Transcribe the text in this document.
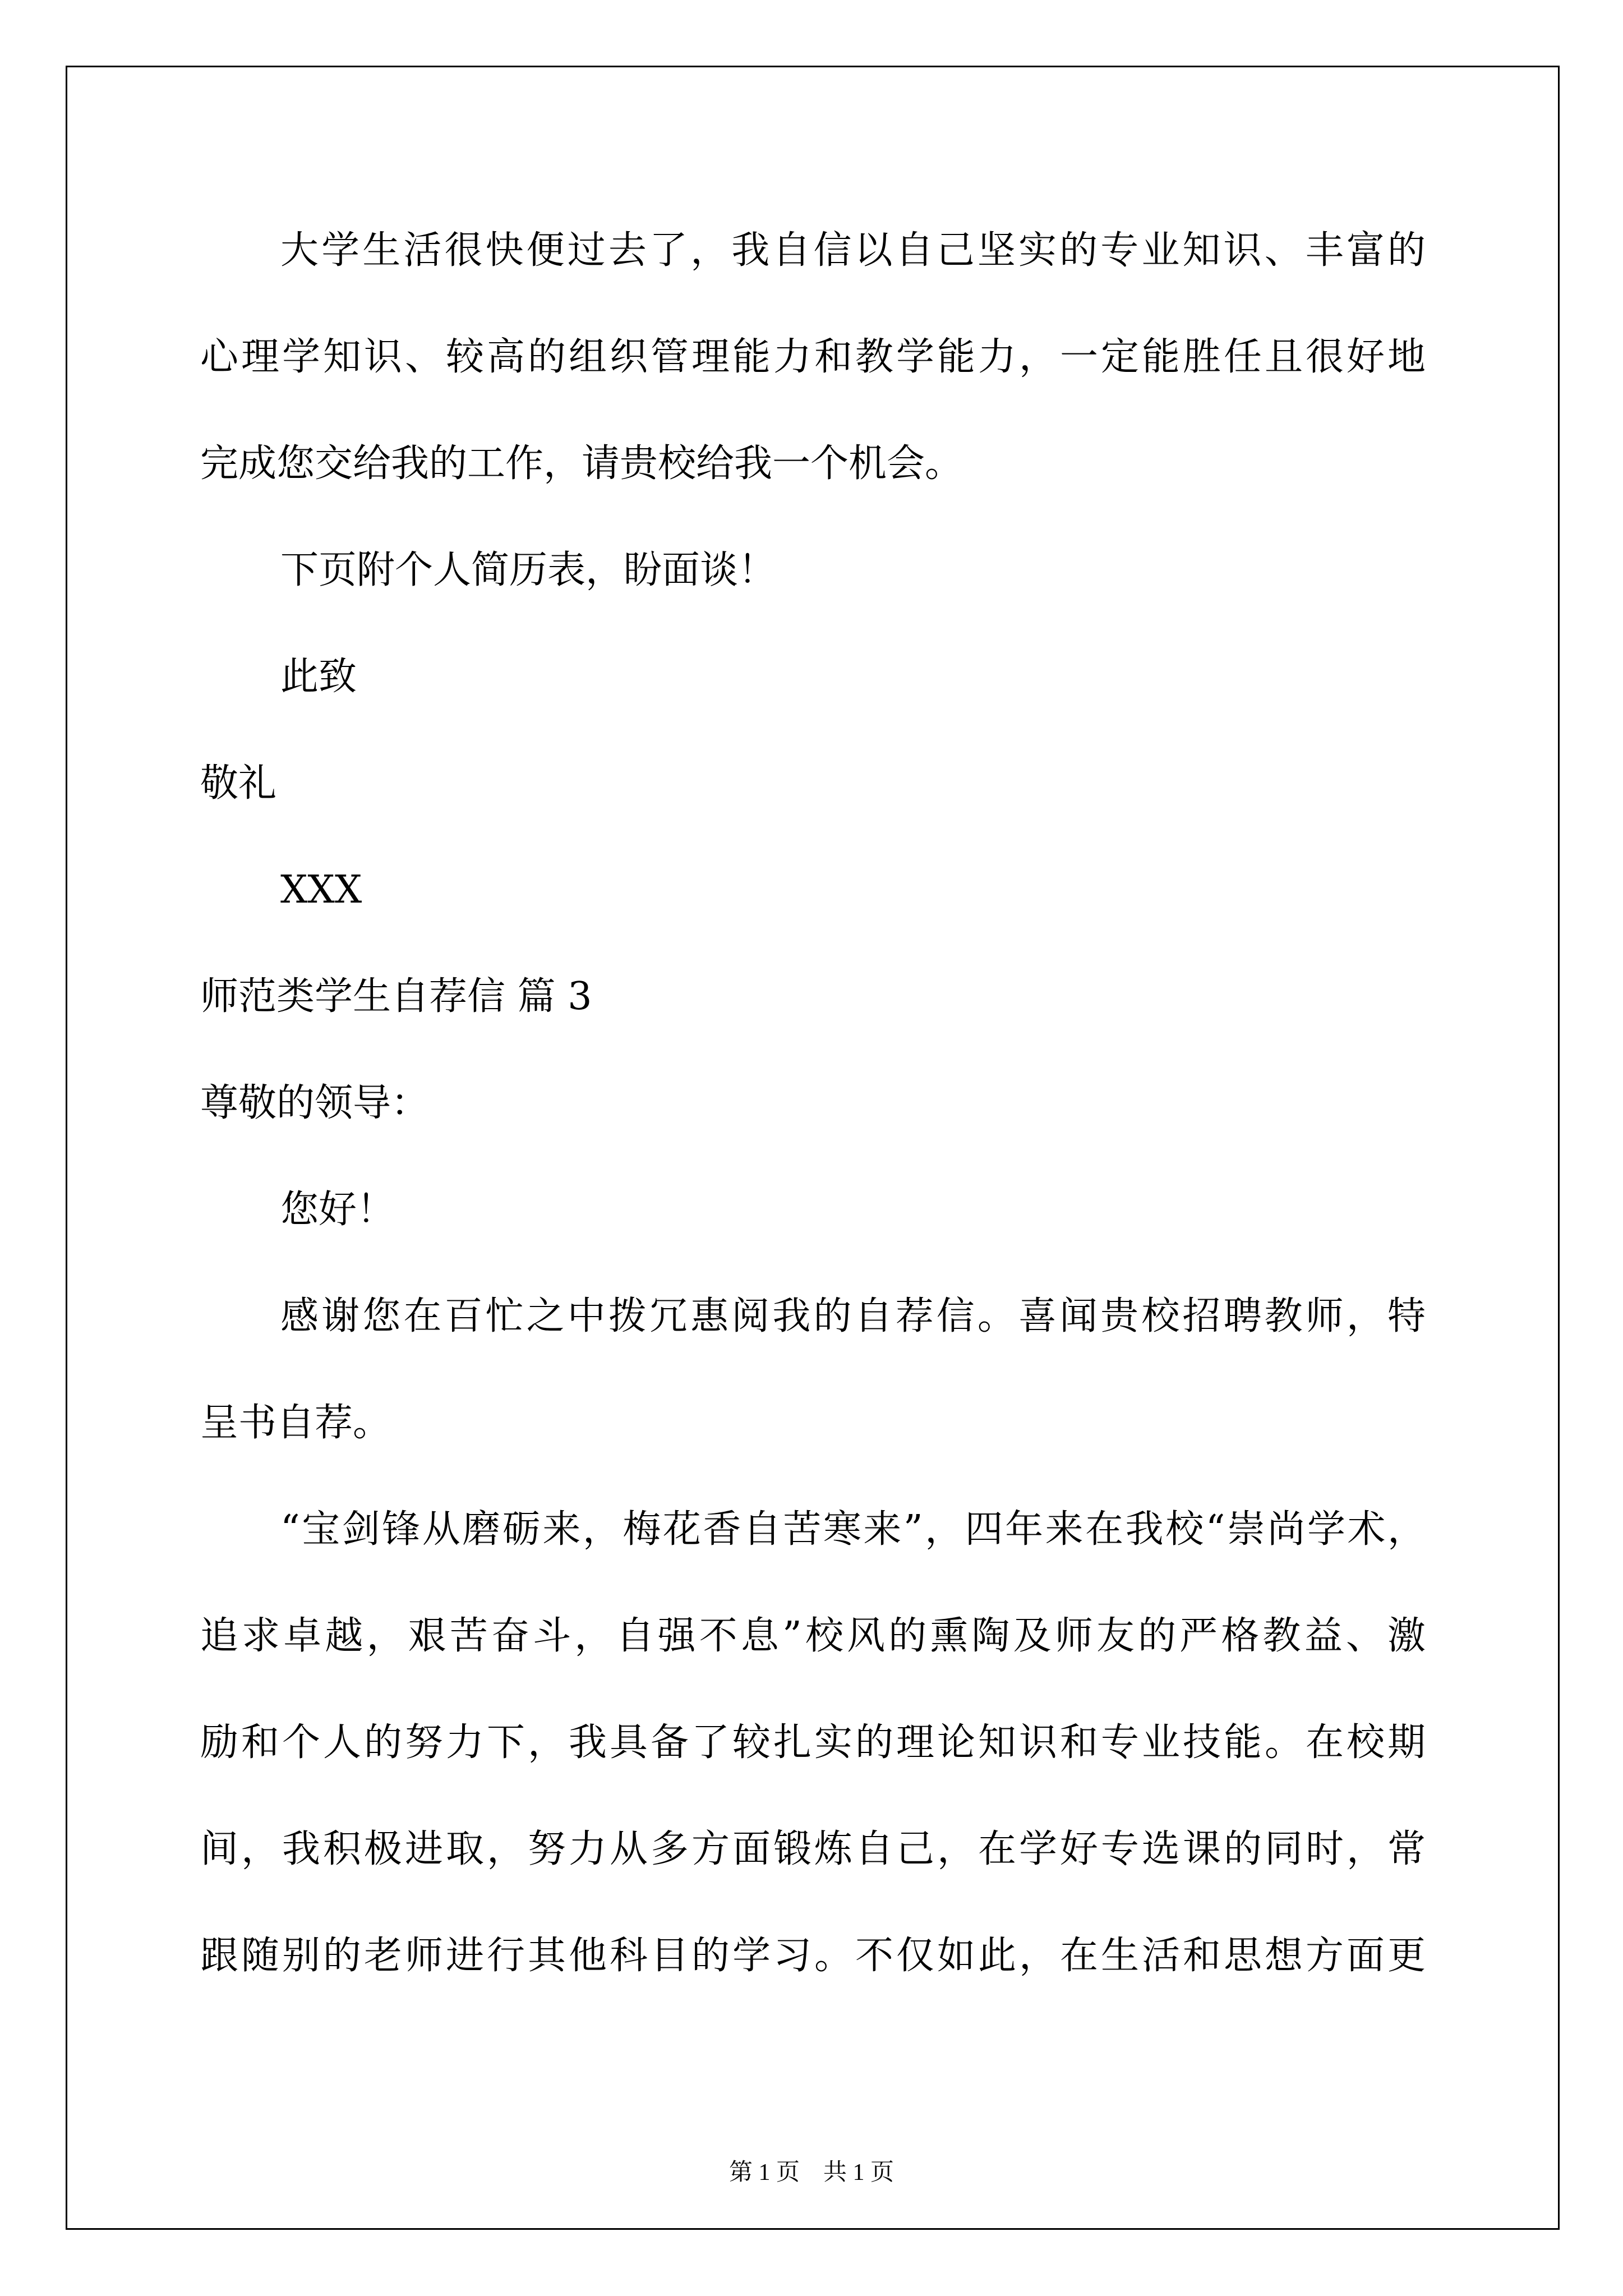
大学生活很快便过去了，我自信以自己坚实的专业知识、丰富的
心理学知识、较高的组织管理能力和教学能力，一定能胜任且很好地
完成您交给我的工作，请贵校给我一个机会。
下页附个人简历表，盼面谈！
此致
敬礼
XXX
师范类学生自荐信 篇 3
尊敬的领导：
您好！
感谢您在百忙之中拨冗惠阅我的自荐信。喜闻贵校招聘教师，特
呈书自荐。
“宝剑锋从磨砺来，梅花香自苦寒来”，四年来在我校“崇尚学术，
追求卓越，艰苦奋斗，自强不息”校风的熏陶及师友的严格教益、激
励和个人的努力下，我具备了较扎实的理论知识和专业技能。在校期
间，我积极进取，努力从多方面锻炼自己，在学好专选课的同时，常
跟随别的老师进行其他科目的学习。不仅如此，在生活和思想方面更
第 1 页    共 1 页
